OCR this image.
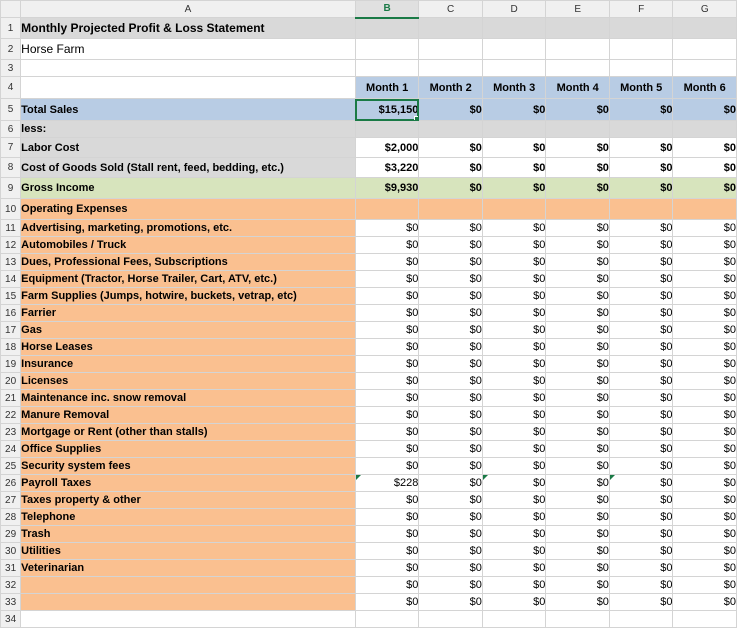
	A	B	C	D	E	F	G
1	Monthly Projected Profit & Loss Statement						
2	Horse Farm						
3							
4		Month 1	Month 2	Month 3	Month 4	Month 5	Month 6
5	Total Sales	$15,150	$0	$0	$0	$0	$0
6	less:						
7	Labor Cost	$2,000	$0	$0	$0	$0	$0
8	Cost of Goods Sold (Stall rent, feed, bedding, etc.)	$3,220	$0	$0	$0	$0	$0
9	Gross Income	$9,930	$0	$0	$0	$0	$0
10	Operating Expenses						
11	Advertising, marketing, promotions, etc.	$0	$0	$0	$0	$0	$0
12	Automobiles / Truck	$0	$0	$0	$0	$0	$0
13	Dues, Professional Fees, Subscriptions	$0	$0	$0	$0	$0	$0
14	Equipment (Tractor, Horse Trailer, Cart, ATV, etc.)	$0	$0	$0	$0	$0	$0
15	Farm Supplies (Jumps, hotwire, buckets, vetrap, etc)	$0	$0	$0	$0	$0	$0
16	Farrier	$0	$0	$0	$0	$0	$0
17	Gas	$0	$0	$0	$0	$0	$0
18	Horse Leases	$0	$0	$0	$0	$0	$0
19	Insurance	$0	$0	$0	$0	$0	$0
20	Licenses	$0	$0	$0	$0	$0	$0
21	Maintenance inc. snow removal	$0	$0	$0	$0	$0	$0
22	Manure Removal	$0	$0	$0	$0	$0	$0
23	Mortgage or Rent (other than stalls)	$0	$0	$0	$0	$0	$0
24	Office Supplies	$0	$0	$0	$0	$0	$0
25	Security system fees	$0	$0	$0	$0	$0	$0
26	Payroll Taxes	$228	$0	$0	$0	$0	$0
27	Taxes property & other	$0	$0	$0	$0	$0	$0
28	Telephone	$0	$0	$0	$0	$0	$0
29	Trash	$0	$0	$0	$0	$0	$0
30	Utilities	$0	$0	$0	$0	$0	$0
31	Veterinarian	$0	$0	$0	$0	$0	$0
32		$0	$0	$0	$0	$0	$0
33		$0	$0	$0	$0	$0	$0
34							
